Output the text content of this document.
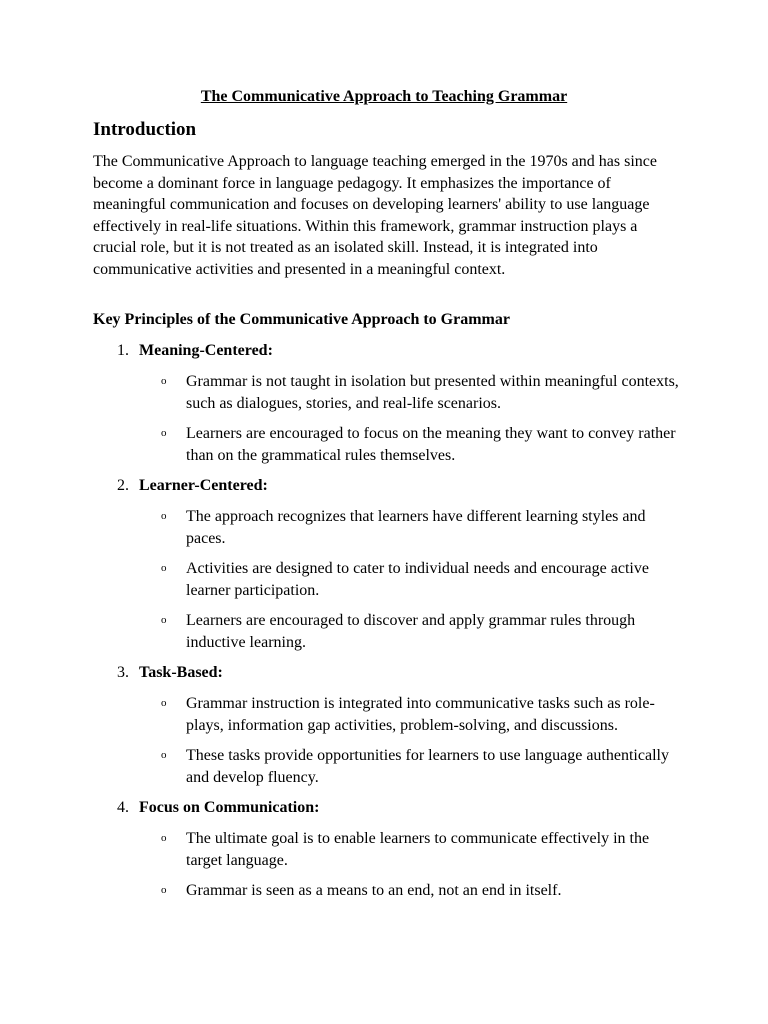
The Communicative Approach to Teaching Grammar
Introduction

The Communicative Approach to language teaching emerged in the 1970s and has since become a dominant force in language pedagogy. It emphasizes the importance of meaningful communication and focuses on developing learners' ability to use language effectively in real-life situations. Within this framework, grammar instruction plays a crucial role, but it is not treated as an isolated skill. Instead, it is integrated into communicative activities and presented in a meaningful context.

Key Principles of the Communicative Approach to Grammar
1. Meaning-Centered:
o Grammar is not taught in isolation but presented within meaningful contexts, such as dialogues, stories, and real-life scenarios.
o Learners are encouraged to focus on the meaning they want to convey rather than on the grammatical rules themselves.
2. Learner-Centered:
o The approach recognizes that learners have different learning styles and paces.
o Activities are designed to cater to individual needs and encourage active learner participation.
o Learners are encouraged to discover and apply grammar rules through inductive learning.
3. Task-Based:
o Grammar instruction is integrated into communicative tasks such as role-plays, information gap activities, problem-solving, and discussions.
o These tasks provide opportunities for learners to use language authentically and develop fluency.
4. Focus on Communication:
o The ultimate goal is to enable learners to communicate effectively in the target language.
o Grammar is seen as a means to an end, not an end in itself.
